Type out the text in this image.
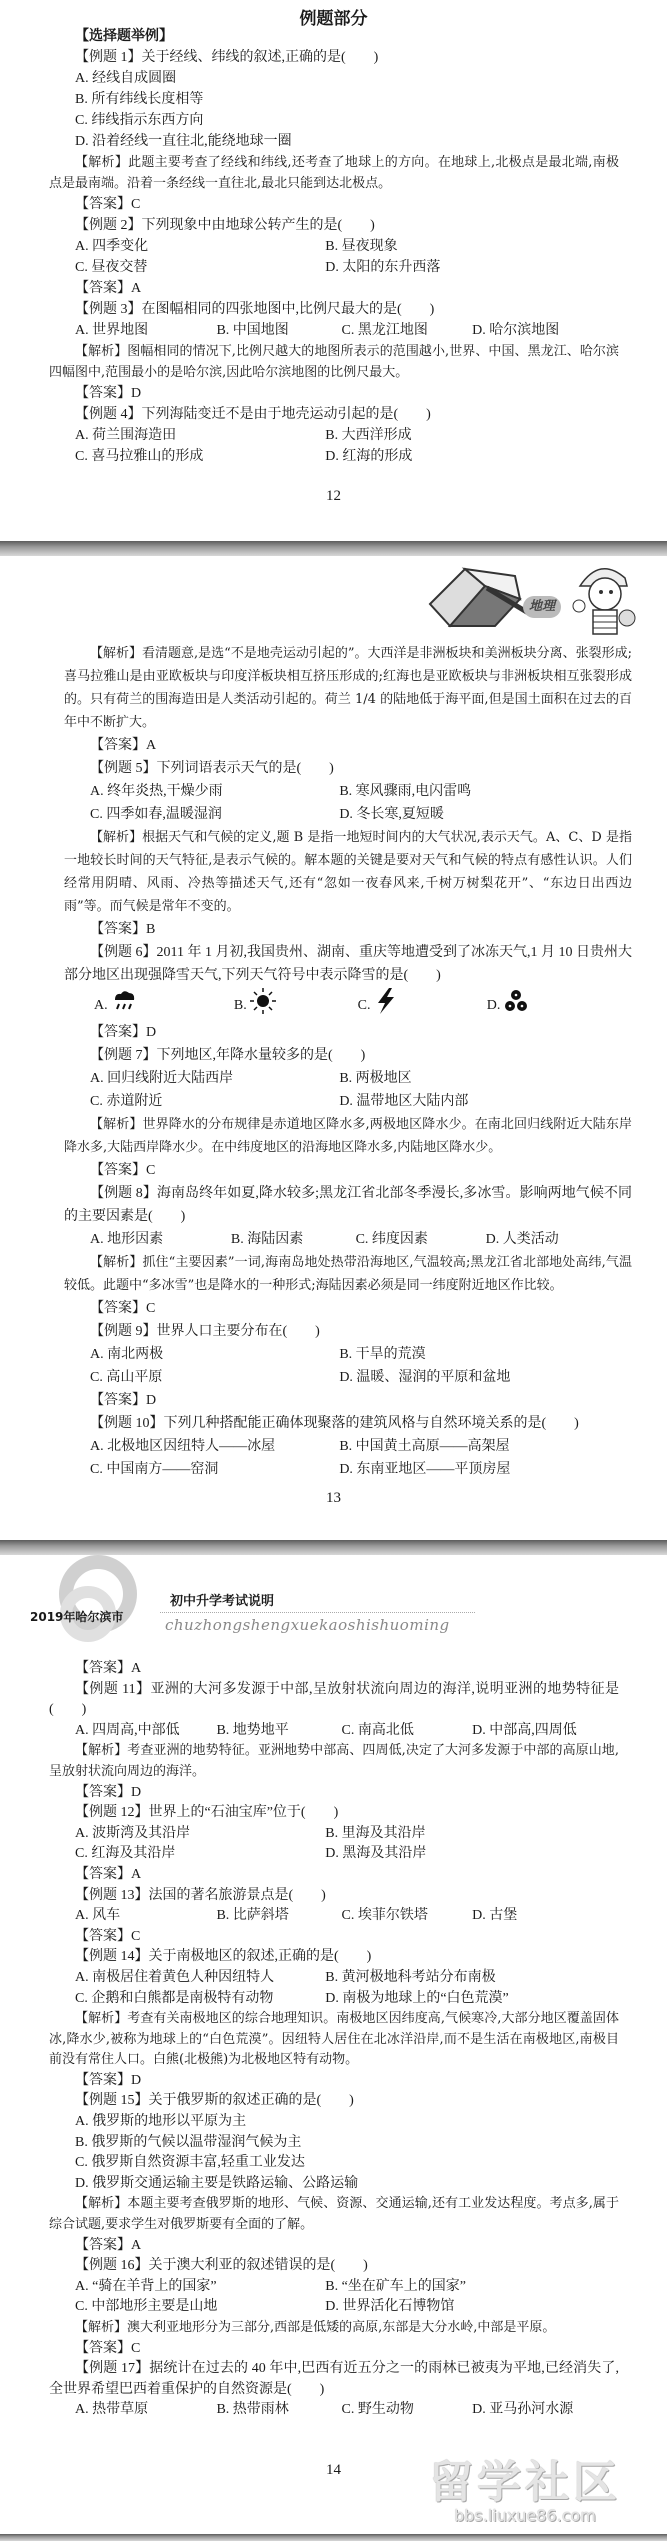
例题部分
【选择题举例】
【例题 1】关于经线、纬线的叙述,正确的是(　　)
A. 经线自成圆圈
B. 所有纬线长度相等
C. 纬线指示东西方向
D. 沿着经线一直往北,能绕地球一圈
【解析】此题主要考查了经线和纬线,还考查了地球上的方向。在地球上,北极点是最北端,南极点是最南端。沿着一条经线一直往北,最北只能到达北极点。
【答案】C
【例题 2】下列现象中由地球公转产生的是(　　)
A. 四季变化	B. 昼夜现象
C. 昼夜交替	D. 太阳的东升西落
【答案】A
【例题 3】在图幅相同的四张地图中,比例尺最大的是(　　)
A. 世界地图	B. 中国地图	C. 黑龙江地图	D. 哈尔滨地图
【解析】图幅相同的情况下,比例尺越大的地图所表示的范围越小,世界、中国、黑龙江、哈尔滨四幅图中,范围最小的是哈尔滨,因此哈尔滨地图的比例尺最大。
【答案】D
【例题 4】下列海陆变迁不是由于地壳运动引起的是(　　)
A. 荷兰围海造田	B. 大西洋形成
C. 喜马拉雅山的形成	D. 红海的形成
12
地理
【解析】看清题意,是选“不是地壳运动引起的”。大西洋是非洲板块和美洲板块分离、张裂形成;喜马拉雅山是由亚欧板块与印度洋板块相互挤压形成的;红海也是亚欧板块与非洲板块相互张裂形成的。只有荷兰的围海造田是人类活动引起的。荷兰 1/4 的陆地低于海平面,但是国土面积在过去的百年中不断扩大。
【答案】A
【例题 5】下列词语表示天气的是(　　)
A. 终年炎热,干燥少雨	B. 寒风骤雨,电闪雷鸣
C. 四季如春,温暖湿润	D. 冬长寒,夏短暖
【解析】根据天气和气候的定义,题 B 是指一地短时间内的大气状况,表示天气。A、C、D 是指一地较长时间的天气特征,是表示气候的。解本题的关键是要对天气和气候的特点有感性认识。人们经常用阴晴、风雨、冷热等描述天气,还有“忽如一夜春风来,千树万树梨花开”、“东边日出西边雨”等。而气候是常年不变的。
【答案】B
【例题 6】2011 年 1 月初,我国贵州、湖南、重庆等地遭受到了冰冻天气,1 月 10 日贵州大部分地区出现强降雪天气,下列天气符号中表示降雪的是(　　)
A.	B.	C.	D.
【答案】D
【例题 7】下列地区,年降水量较多的是(　　)
A. 回归线附近大陆西岸	B. 两极地区
C. 赤道附近	D. 温带地区大陆内部
【解析】世界降水的分布规律是赤道地区降水多,两极地区降水少。在南北回归线附近大陆东岸降水多,大陆西岸降水少。在中纬度地区的沿海地区降水多,内陆地区降水少。
【答案】C
【例题 8】海南岛终年如夏,降水较多;黑龙江省北部冬季漫长,多冰雪。影响两地气候不同的主要因素是(　　)
A. 地形因素	B. 海陆因素	C. 纬度因素	D. 人类活动
【解析】抓住“主要因素”一词,海南岛地处热带沿海地区,气温较高;黑龙江省北部地处高纬,气温较低。此题中“多冰雪”也是降水的一种形式;海陆因素必须是同一纬度附近地区作比较。
【答案】C
【例题 9】世界人口主要分布在(　　)
A. 南北两极	B. 干旱的荒漠
C. 高山平原	D. 温暖、湿润的平原和盆地
【答案】D
【例题 10】下列几种搭配能正确体现聚落的建筑风格与自然环境关系的是(　　)
A. 北极地区因纽特人——冰屋	B. 中国黄土高原——高架屋
C. 中国南方——窑洞	D. 东南亚地区——平顶房屋
13
初中升学考试说明
2019年哈尔滨市	chuzhongshengxuekaoshishuoming
【答案】A
【例题 11】亚洲的大河多发源于中部,呈放射状流向周边的海洋,说明亚洲的地势特征是(　　)
A. 四周高,中部低	B. 地势地平	C. 南高北低	D. 中部高,四周低
【解析】考查亚洲的地势特征。亚洲地势中部高、四周低,决定了大河多发源于中部的高原山地,呈放射状流向周边的海洋。
【答案】D
【例题 12】世界上的“石油宝库”位于(　　)
A. 波斯湾及其沿岸	B. 里海及其沿岸
C. 红海及其沿岸	D. 黑海及其沿岸
【答案】A
【例题 13】法国的著名旅游景点是(　　)
A. 风车	B. 比萨斜塔	C. 埃菲尔铁塔	D. 古堡
【答案】C
【例题 14】关于南极地区的叙述,正确的是(　　)
A. 南极居住着黄色人种因纽特人	B. 黄河极地科考站分布南极
C. 企鹅和白熊都是南极特有动物	D. 南极为地球上的“白色荒漠”
【解析】考查有关南极地区的综合地理知识。南极地区因纬度高,气候寒冷,大部分地区覆盖固体冰,降水少,被称为地球上的“白色荒漠”。因纽特人居住在北冰洋沿岸,而不是生活在南极地区,南极目前没有常住人口。白熊(北极熊)为北极地区特有动物。
【答案】D
【例题 15】关于俄罗斯的叙述正确的是(　　)
A. 俄罗斯的地形以平原为主
B. 俄罗斯的气候以温带湿润气候为主
C. 俄罗斯自然资源丰富,轻重工业发达
D. 俄罗斯交通运输主要是铁路运输、公路运输
【解析】本题主要考查俄罗斯的地形、气候、资源、交通运输,还有工业发达程度。考点多,属于综合试题,要求学生对俄罗斯要有全面的了解。
【答案】A
【例题 16】关于澳大利亚的叙述错误的是(　　)
A. “骑在羊背上的国家”	B. “坐在矿车上的国家”
C. 中部地形主要是山地	D. 世界活化石博物馆
【解析】澳大利亚地形分为三部分,西部是低矮的高原,东部是大分水岭,中部是平原。
【答案】C
【例题 17】据统计在过去的 40 年中,巴西有近五分之一的雨林已被夷为平地,已经消失了,全世界希望巴西着重保护的自然资源是(　　)
A. 热带草原	B. 热带雨林	C. 野生动物	D. 亚马孙河水源
14	留学社区
bbs.liuxue86.com
